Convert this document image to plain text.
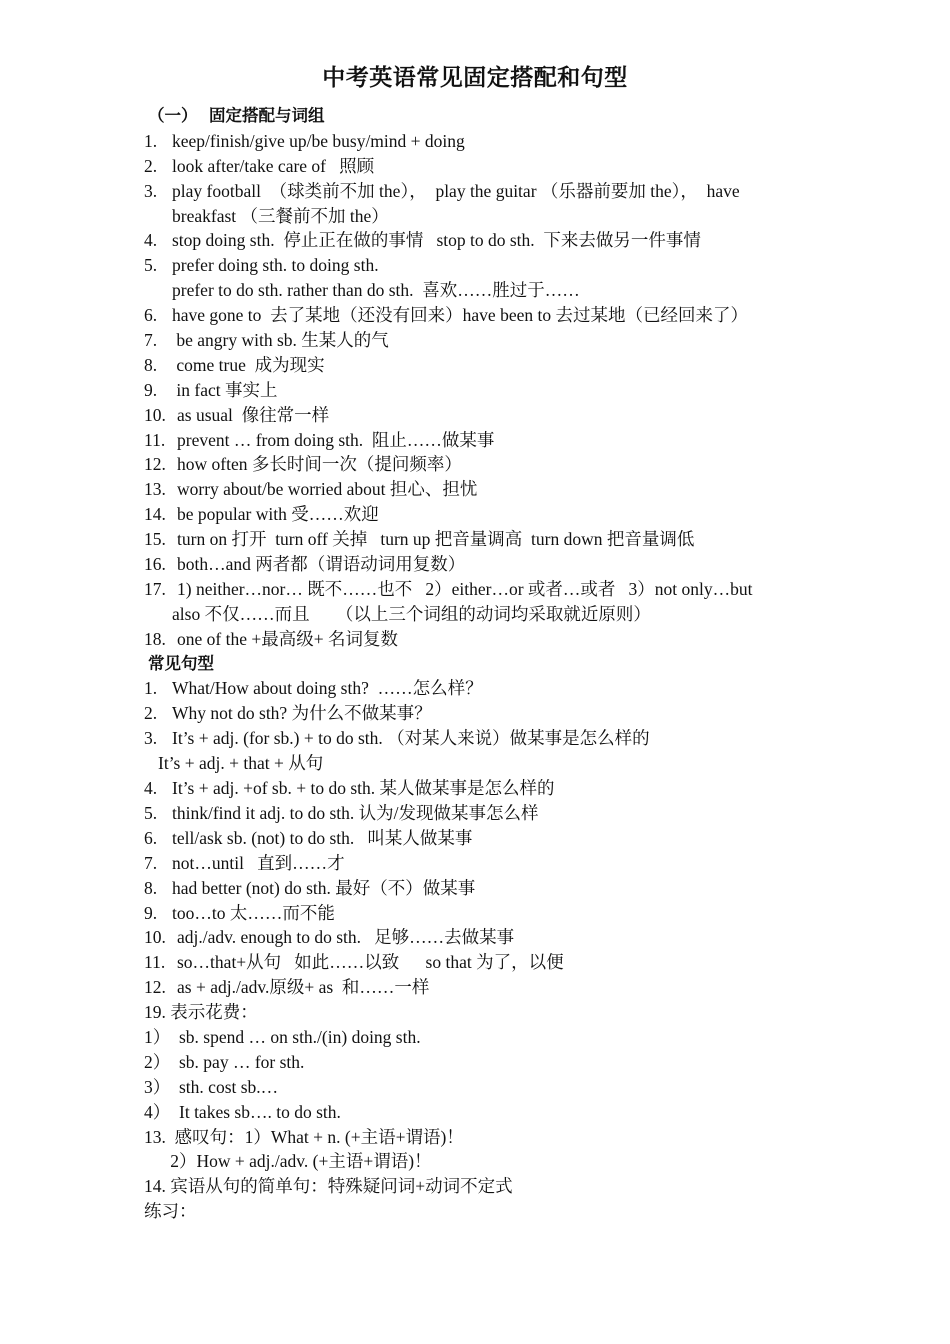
中考英语常见固定搭配和句型
（一）  固定搭配与词组
1. keep/finish/give up/be busy/mind + doing
2. look after/take care of   照顾
3. play football  （球类前不加 the），  play the guitar （乐器前要加 the），  have
breakfast （三餐前不加 the）
4. stop doing sth.  停止正在做的事情   stop to do sth.  下来去做另一件事情
5. prefer doing sth. to doing sth.
prefer to do sth. rather than do sth.  喜欢……胜过于……
6. have gone to  去了某地（还没有回来）have been to 去过某地（已经回来了）
7. be angry with sb. 生某人的气
8. come true  成为现实
9. in fact 事实上
10. as usual  像往常一样
11. prevent … from doing sth.  阻止……做某事
12. how often 多长时间一次（提问频率）
13. worry about/be worried about 担心、担忧
14. be popular with 受……欢迎
15. turn on 打开  turn off 关掉   turn up 把音量调高  turn down 把音量调低
16. both…and 两者都（谓语动词用复数）
17. 1) neither…nor… 既不……也不   2）either…or 或者…或者   3）not only…but
also 不仅……而且      （以上三个词组的动词均采取就近原则）
18. one of the +最高级+ 名词复数
常见句型
1. What/How about doing sth?  ……怎么样？
2. Why not do sth? 为什么不做某事？
3. It’s + adj. (for sb.) + to do sth. （对某人来说）做某事是怎么样的
It’s + adj. + that + 从句
4. It’s + adj. +of sb. + to do sth. 某人做某事是怎么样的
5. think/find it adj. to do sth. 认为/发现做某事怎么样
6. tell/ask sb. (not) to do sth.   叫某人做某事
7. not…until   直到……才
8. had better (not) do sth. 最好（不）做某事
9. too…to 太……而不能
10. adj./adv. enough to do sth.   足够……去做某事
11. so…that+从句   如此……以致      so that 为了，以便
12. as + adj./adv.原级+ as  和……一样
19. 表示花费：
1）  sb. spend … on sth./(in) doing sth.
2）  sb. pay … for sth.
3）  sth. cost sb.…
4）  It takes sb…. to do sth.
13.  感叹句：1）What + n. (+主语+谓语)！
2）How + adj./adv. (+主语+谓语)！
14. 宾语从句的简单句：特殊疑问词+动词不定式
练习：
